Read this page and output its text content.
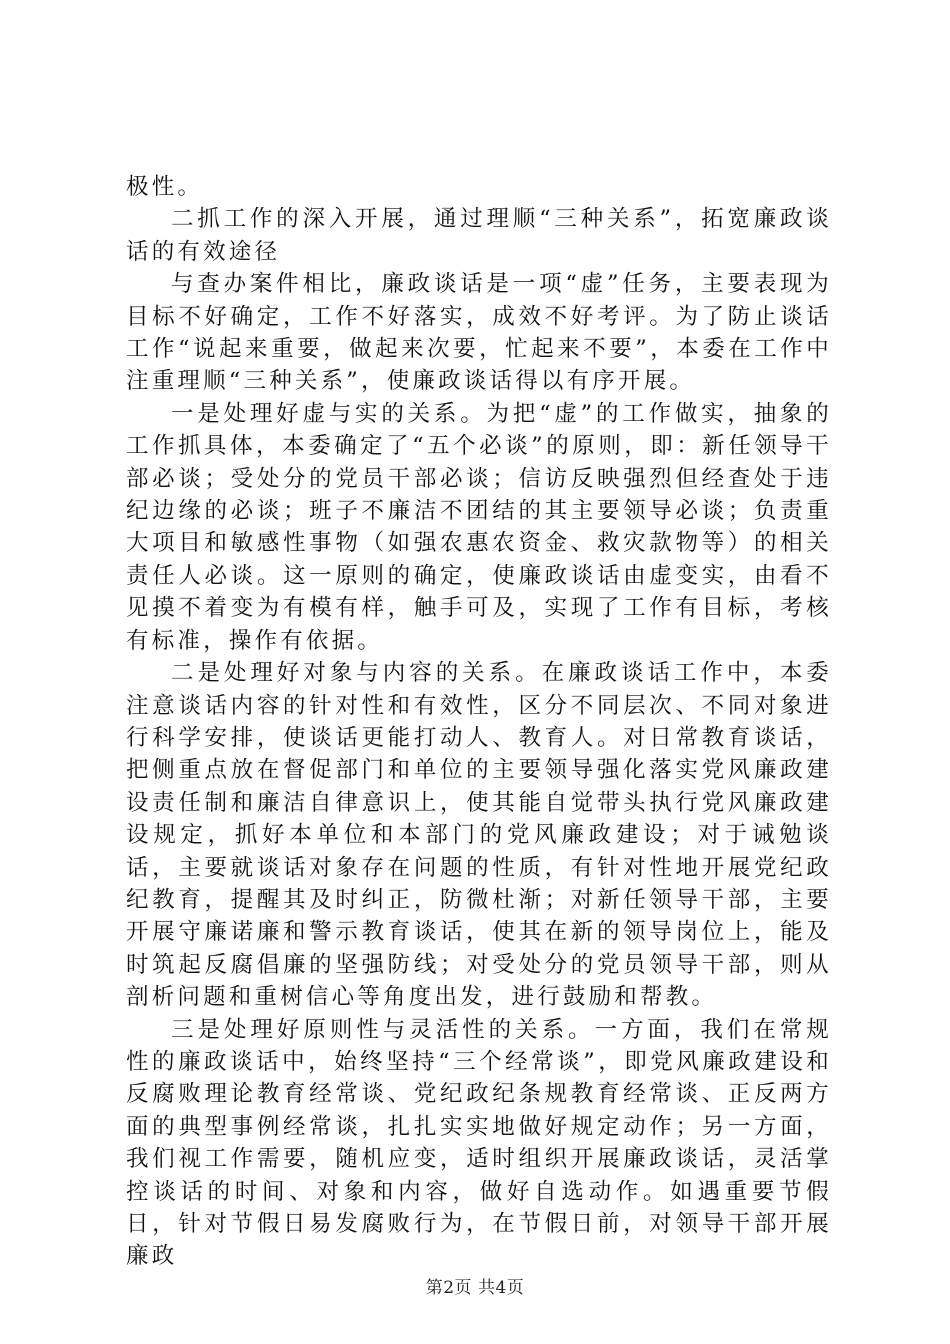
极性。

二抓工作的深入开展，通过理顺“三种关系”，拓宽廉政谈话的有效途径

与查办案件相比，廉政谈话是一项“虚”任务，主要表现为目标不好确定，工作不好落实，成效不好考评。为了防止谈话工作“说起来重要，做起来次要，忙起来不要”，本委在工作中注重理顺“三种关系”，使廉政谈话得以有序开展。

一是处理好虚与实的关系。为把“虚”的工作做实，抽象的工作抓具体，本委确定了“五个必谈”的原则，即：新任领导干部必谈；受处分的党员干部必谈；信访反映强烈但经查处于违纪边缘的必谈；班子不廉洁不团结的其主要领导必谈；负责重大项目和敏感性事物（如强农惠农资金、救灾款物等）的相关责任人必谈。这一原则的确定，使廉政谈话由虚变实，由看不见摸不着变为有模有样，触手可及，实现了工作有目标，考核有标准，操作有依据。

二是处理好对象与内容的关系。在廉政谈话工作中，本委注意谈话内容的针对性和有效性，区分不同层次、不同对象进行科学安排，使谈话更能打动人、教育人。对日常教育谈话，把侧重点放在督促部门和单位的主要领导强化落实党风廉政建设责任制和廉洁自律意识上，使其能自觉带头执行党风廉政建设规定，抓好本单位和本部门的党风廉政建设；对于诫勉谈话，主要就谈话对象存在问题的性质，有针对性地开展党纪政纪教育，提醒其及时纠正，防微杜渐；对新任领导干部，主要开展守廉诺廉和警示教育谈话，使其在新的领导岗位上，能及时筑起反腐倡廉的坚强防线；对受处分的党员领导干部，则从剖析问题和重树信心等角度出发，进行鼓励和帮教。

三是处理好原则性与灵活性的关系。一方面，我们在常规性的廉政谈话中，始终坚持“三个经常谈”，即党风廉政建设和反腐败理论教育经常谈、党纪政纪条规教育经常谈、正反两方面的典型事例经常谈，扎扎实实地做好规定动作；另一方面，我们视工作需要，随机应变，适时组织开展廉政谈话，灵活掌控谈话的时间、对象和内容，做好自选动作。如遇重要节假日，针对节假日易发腐败行为，在节假日前，对领导干部开展廉政

第2页 共4页
